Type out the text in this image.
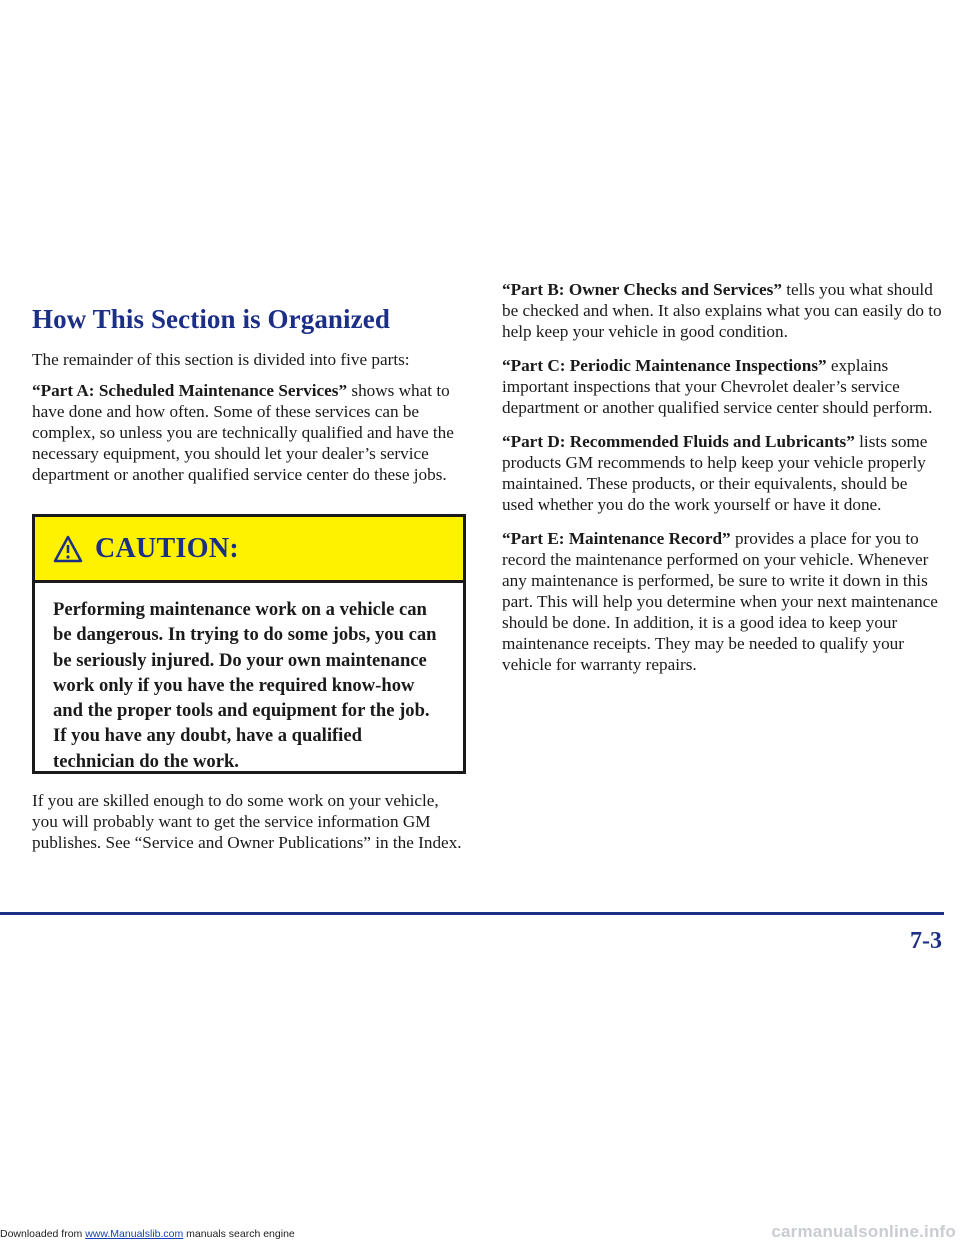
How This Section is Organized

The remainder of this section is divided into five parts:

“Part A: Scheduled Maintenance Services” shows what to have done and how often. Some of these services can be complex, so unless you are technically qualified and have the necessary equipment, you should let your dealer’s service department or another qualified service center do these jobs.

CAUTION:
Performing maintenance work on a vehicle can be dangerous. In trying to do some jobs, you can be seriously injured. Do your own maintenance work only if you have the required know-how and the proper tools and equipment for the job. If you have any doubt, have a qualified technician do the work.

If you are skilled enough to do some work on your vehicle, you will probably want to get the service information GM publishes. See “Service and Owner Publications” in the Index.

“Part B: Owner Checks and Services” tells you what should be checked and when. It also explains what you can easily do to help keep your vehicle in good condition.

“Part C: Periodic Maintenance Inspections” explains important inspections that your Chevrolet dealer’s service department or another qualified service center should perform.

“Part D: Recommended Fluids and Lubricants” lists some products GM recommends to help keep your vehicle properly maintained. These products, or their equivalents, should be used whether you do the work yourself or have it done.

“Part E: Maintenance Record” provides a place for you to record the maintenance performed on your vehicle. Whenever any maintenance is performed, be sure to write it down in this part. This will help you determine when your next maintenance should be done. In addition, it is a good idea to keep your maintenance receipts. They may be needed to qualify your vehicle for warranty repairs.

7-3
Downloaded from www.Manualslib.com manuals search engine	carmanualsonline.info
